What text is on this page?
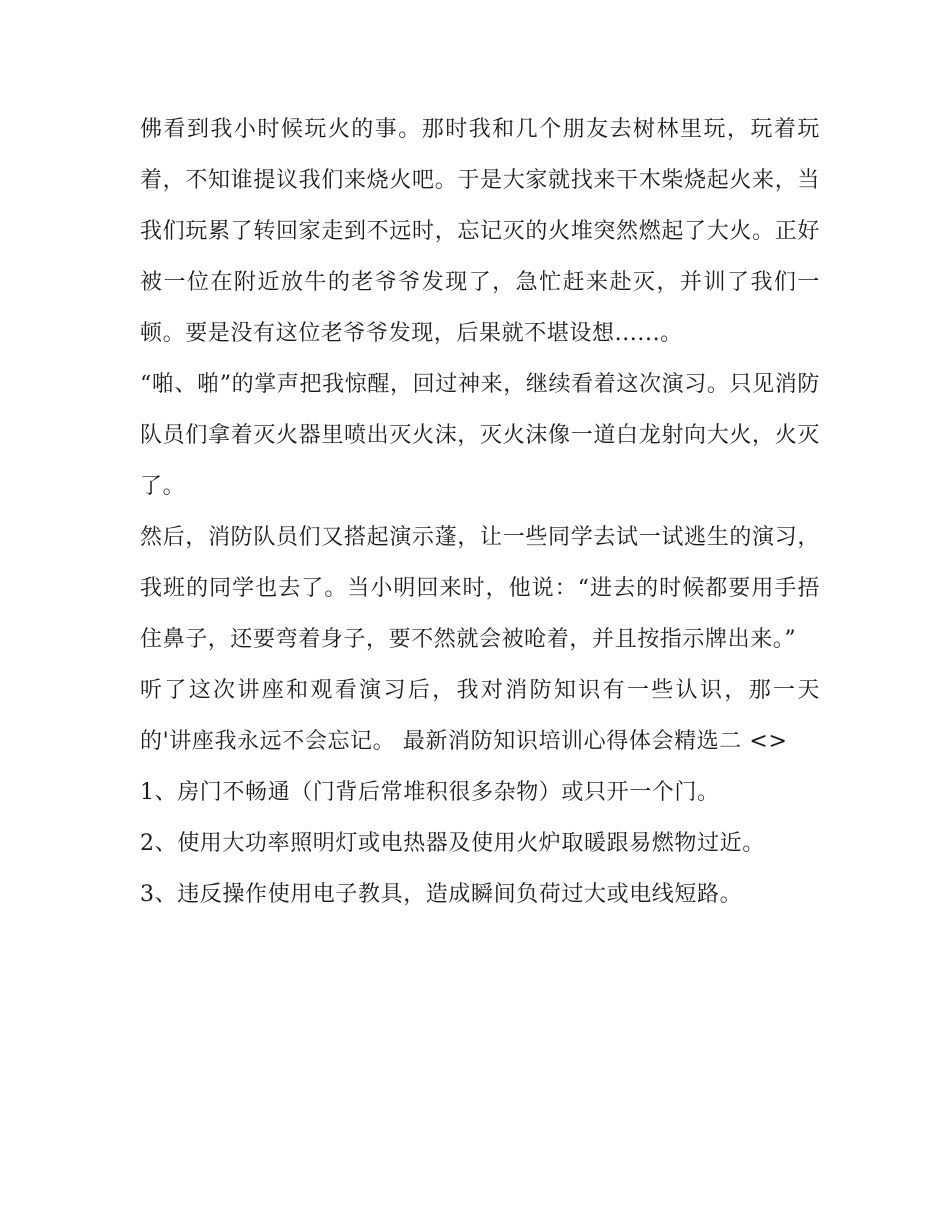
佛看到我小时候玩火的事。那时我和几个朋友去树林里玩，玩着玩着，不知谁提议我们来烧火吧。于是大家就找来干木柴烧起火来，当我们玩累了转回家走到不远时，忘记灭的火堆突然燃起了大火。正好被一位在附近放牛的老爷爷发现了，急忙赶来赴灭，并训了我们一顿。要是没有这位老爷爷发现，后果就不堪设想......。

“啪、啪”的掌声把我惊醒，回过神来，继续看着这次演习。只见消防队员们拿着灭火器里喷出灭火沫，灭火沫像一道白龙射向大火，火灭了。

然后，消防队员们又搭起演示蓬，让一些同学去试一试逃生的演习，我班的同学也去了。当小明回来时，他说：“进去的时候都要用手捂住鼻子，还要弯着身子，要不然就会被呛着，并且按指示牌出来。”

听了这次讲座和观看演习后，我对消防知识有一些认识，那一天的'讲座我永远不会忘记。 最新消防知识培训心得体会精选二 <>

1、房门不畅通（门背后常堆积很多杂物）或只开一个门。

2、使用大功率照明灯或电热器及使用火炉取暖跟易燃物过近。

3、违反操作使用电子教具，造成瞬间负荷过大或电线短路。
